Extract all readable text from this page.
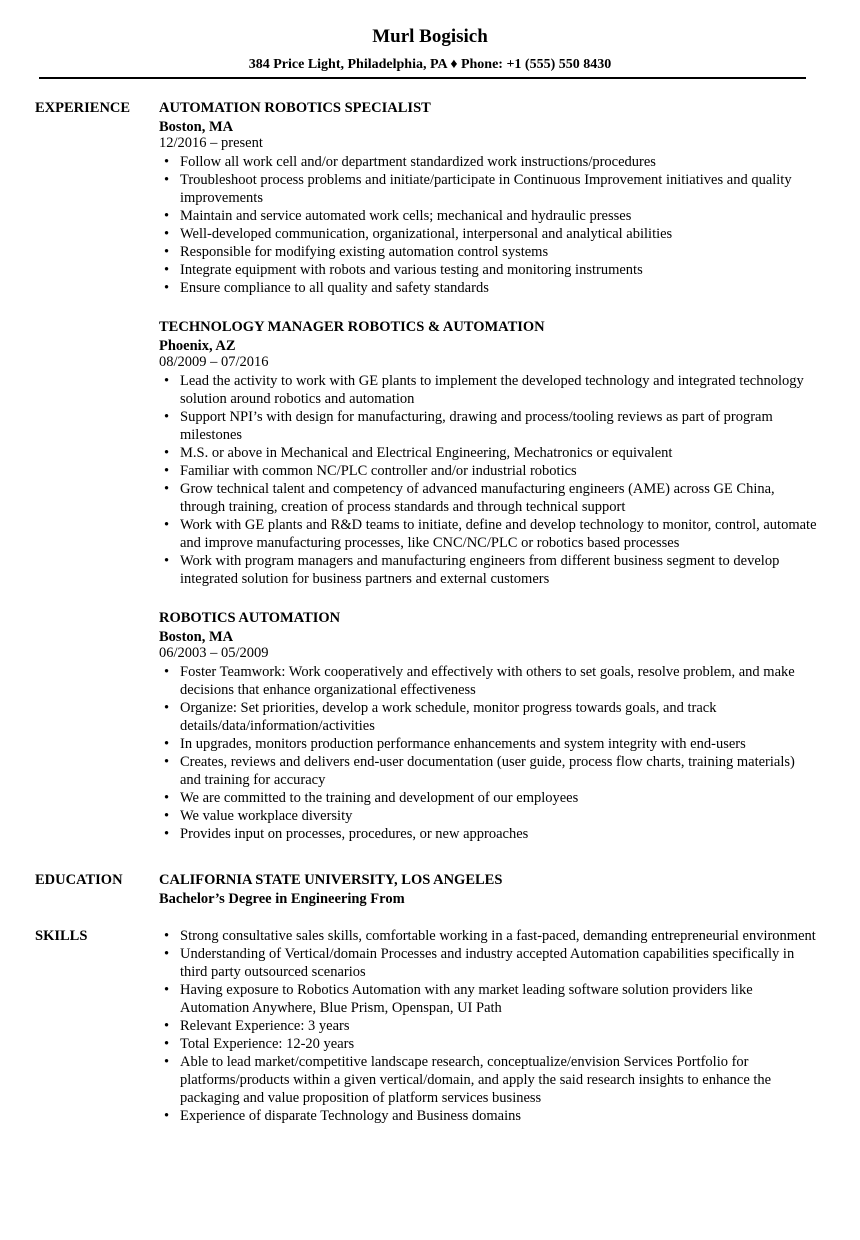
Murl Bogisich
384 Price Light, Philadelphia, PA ♦ Phone: +1 (555) 550 8430
EXPERIENCE AUTOMATION ROBOTICS SPECIALIST
Boston, MA
12/2016 – present
• Follow all work cell and/or department standardized work instructions/procedures
• Troubleshoot process problems and initiate/participate in Continuous Improvement initiatives and quality improvements
• Maintain and service automated work cells; mechanical and hydraulic presses
• Well-developed communication, organizational, interpersonal and analytical abilities
• Responsible for modifying existing automation control systems
• Integrate equipment with robots and various testing and monitoring instruments
• Ensure compliance to all quality and safety standards
TECHNOLOGY MANAGER ROBOTICS & AUTOMATION
Phoenix, AZ
08/2009 – 07/2016
• Lead the activity to work with GE plants to implement the developed technology and integrated technology solution around robotics and automation
• Support NPI’s with design for manufacturing, drawing and process/tooling reviews as part of program milestones
• M.S. or above in Mechanical and Electrical Engineering, Mechatronics or equivalent
• Familiar with common NC/PLC controller and/or industrial robotics
• Grow technical talent and competency of advanced manufacturing engineers (AME) across GE China, through training, creation of process standards and through technical support
• Work with GE plants and R&D teams to initiate, define and develop technology to monitor, control, automate and improve manufacturing processes, like CNC/NC/PLC or robotics based processes
• Work with program managers and manufacturing engineers from different business segment to develop integrated solution for business partners and external customers
ROBOTICS AUTOMATION
Boston, MA
06/2003 – 05/2009
• Foster Teamwork: Work cooperatively and effectively with others to set goals, resolve problem, and make decisions that enhance organizational effectiveness
• Organize: Set priorities, develop a work schedule, monitor progress towards goals, and track details/data/information/activities
• In upgrades, monitors production performance enhancements and system integrity with end-users
• Creates, reviews and delivers end-user documentation (user guide, process flow charts, training materials) and training for accuracy
• We are committed to the training and development of our employees
• We value workplace diversity
• Provides input on processes, procedures, or new approaches
EDUCATION	CALIFORNIA STATE UNIVERSITY, LOS ANGELES
Bachelor’s Degree in Engineering From
SKILLS
•	Strong consultative sales skills, comfortable working in a fast-paced, demanding entrepreneurial environment
• Understanding of Vertical/domain Processes and industry accepted Automation capabilities specifically in third party outsourced scenarios
• Having exposure to Robotics Automation with any market leading software solution providers like Automation Anywhere, Blue Prism, Openspan, UI Path
• Relevant Experience: 3 years
• Total Experience: 12-20 years
• Able to lead market/competitive landscape research, conceptualize/envision Services Portfolio for platforms/products within a given vertical/domain, and apply the said research insights to enhance the packaging and value proposition of platform services business
• Experience of disparate Technology and Business domains
